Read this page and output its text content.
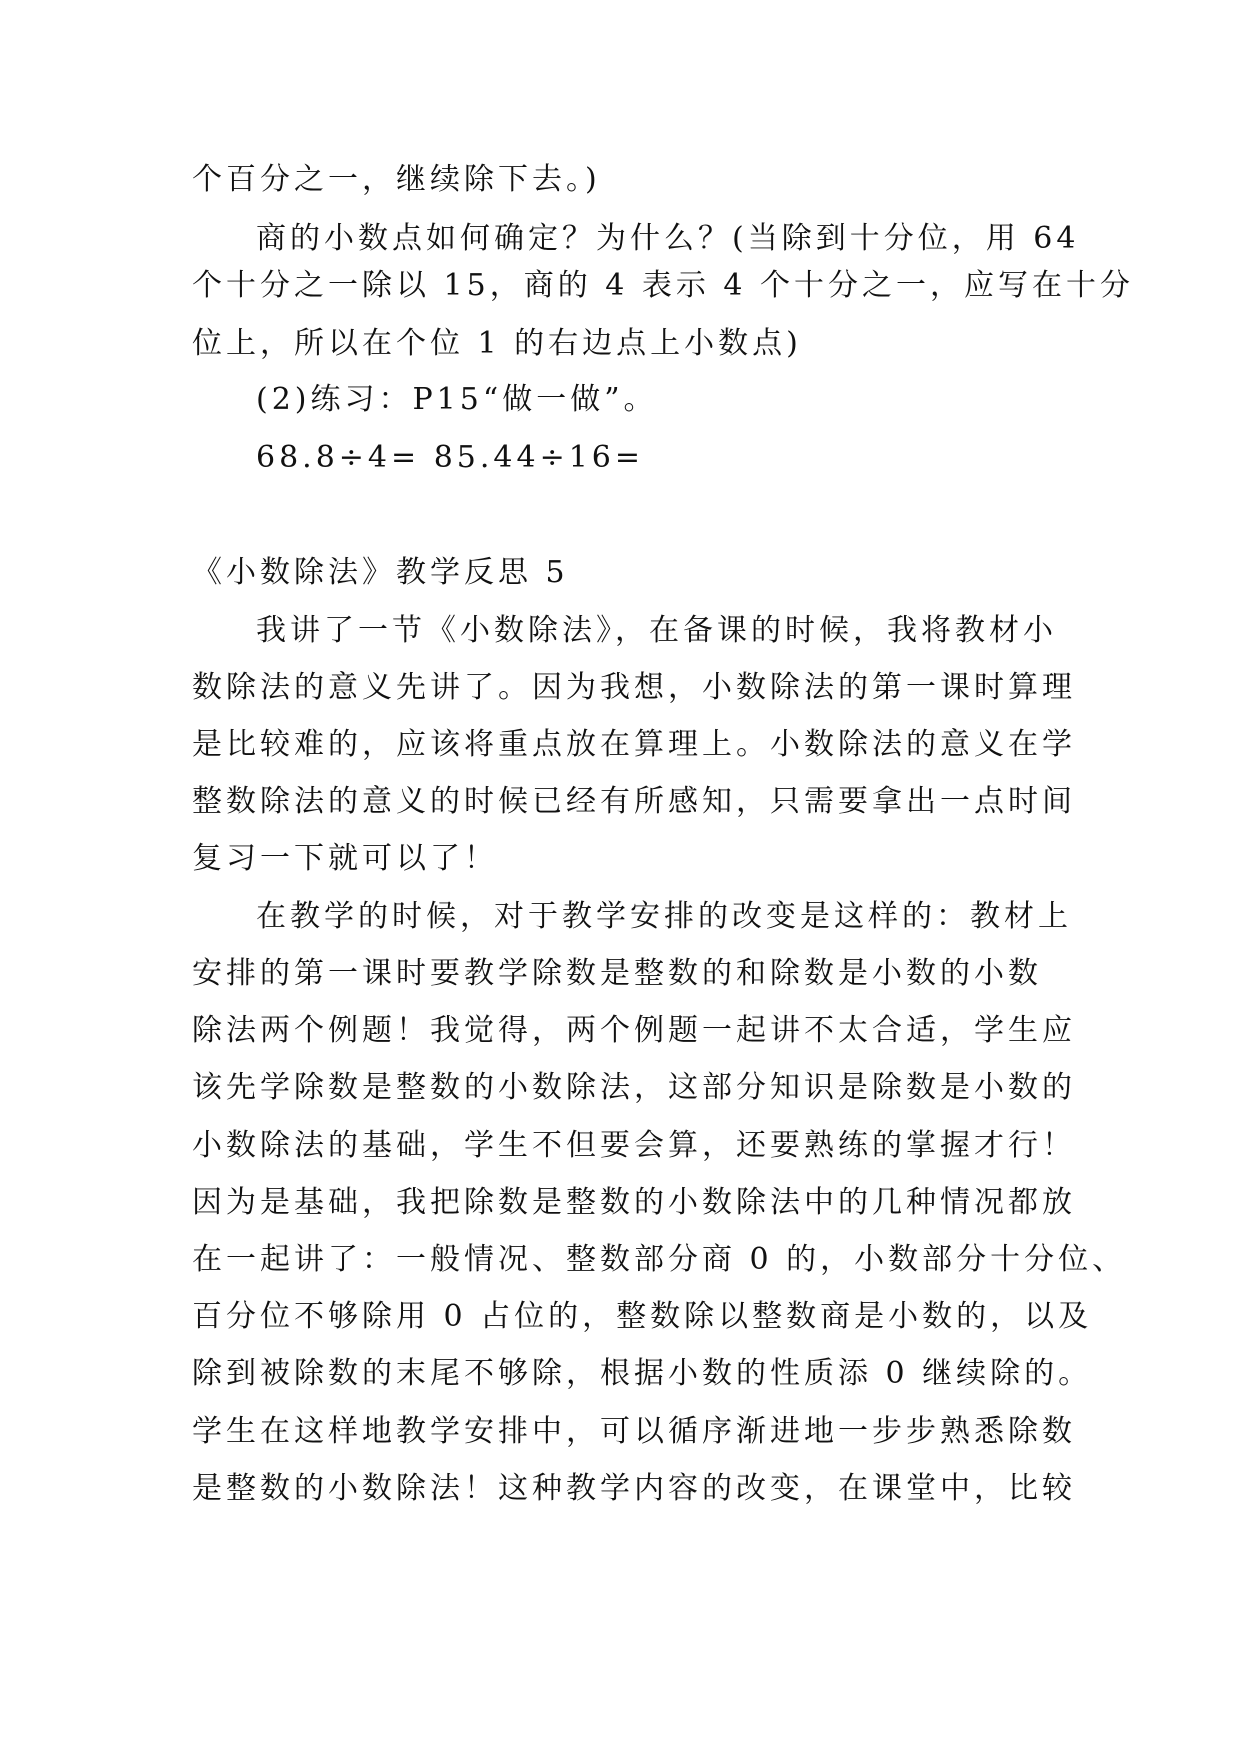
个百分之一，继续除下去。)
商的小数点如何确定？为什么？(当除到十分位，用 64
个十分之一除以 15，商的 4 表示 4 个十分之一，应写在十分
位上，所以在个位 1 的右边点上小数点)
(2)练习：P15“做一做”。
68.8÷4= 85.44÷16=
《小数除法》教学反思 5
我讲了一节《小数除法》，在备课的时候，我将教材小
数除法的意义先讲了。因为我想，小数除法的第一课时算理
是比较难的，应该将重点放在算理上。小数除法的意义在学
整数除法的意义的时候已经有所感知，只需要拿出一点时间
复习一下就可以了！
在教学的时候，对于教学安排的改变是这样的：教材上
安排的第一课时要教学除数是整数的和除数是小数的小数
除法两个例题！我觉得，两个例题一起讲不太合适，学生应
该先学除数是整数的小数除法，这部分知识是除数是小数的
小数除法的基础，学生不但要会算，还要熟练的掌握才行！
因为是基础，我把除数是整数的小数除法中的几种情况都放
在一起讲了：一般情况、整数部分商 0 的，小数部分十分位、
百分位不够除用 0 占位的，整数除以整数商是小数的，以及
除到被除数的末尾不够除，根据小数的性质添 0 继续除的。
学生在这样地教学安排中，可以循序渐进地一步步熟悉除数
是整数的小数除法！这种教学内容的改变，在课堂中，比较
